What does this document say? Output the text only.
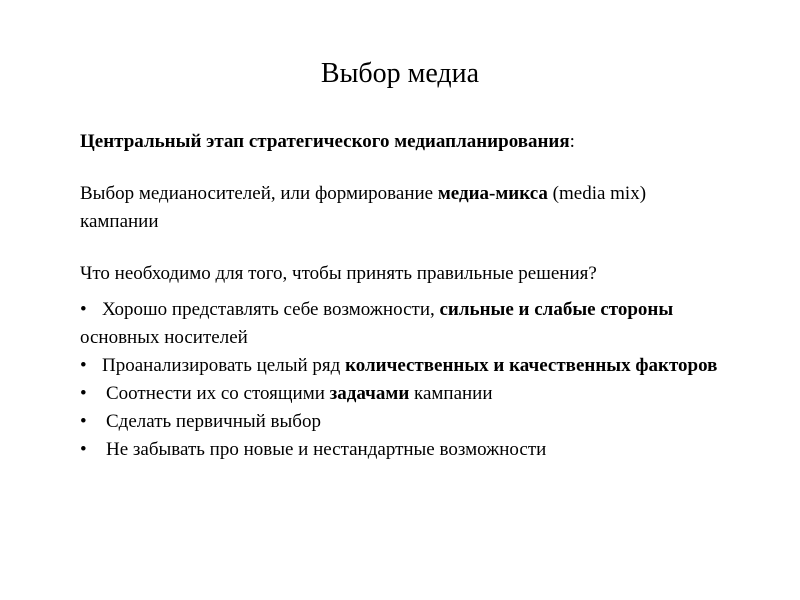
Выбор медиа

Центральный этап стратегического медиапланирования:

Выбор медианосителей, или формирование медиа-микса (media mix) кампании

Что необходимо для того, чтобы принять правильные решения?

• Хорошо представлять себе возможности, сильные и слабые стороны основных носителей

• Проанализировать целый ряд количественных и качественных факторов

• Соотнести их со стоящими задачами кампании

• Сделать первичный выбор

• Не забывать про новые и нестандартные возможности
